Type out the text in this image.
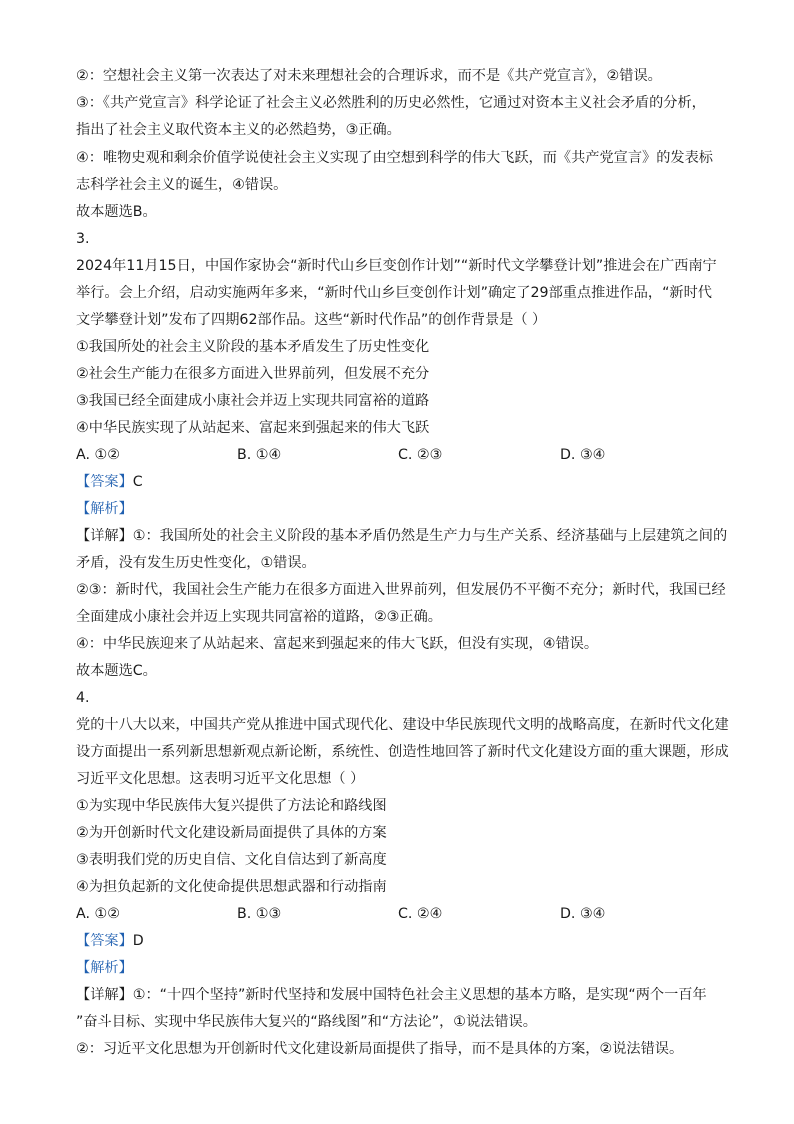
②：空想社会主义第一次表达了对未来理想社会的合理诉求，而不是《共产党宣言》，②错误。
③：《共产党宣言》科学论证了社会主义必然胜利的历史必然性，它通过对资本主义社会矛盾的分析，
指出了社会主义取代资本主义的必然趋势，③正确。
④：唯物史观和剩余价值学说使社会主义实现了由空想到科学的伟大飞跃，而《共产党宣言》的发表标
志科学社会主义的诞生，④错误。
故本题选B。
3.
2024年11月15日，中国作家协会“新时代山乡巨变创作计划”“新时代文学攀登计划”推进会在广西南宁
举行。会上介绍，启动实施两年多来，“新时代山乡巨变创作计划”确定了29部重点推进作品，“新时代
文学攀登计划”发布了四期62部作品。这些“新时代作品”的创作背景是（ ）
①我国所处的社会主义阶段的基本矛盾发生了历史性变化
②社会生产能力在很多方面进入世界前列，但发展不充分
③我国已经全面建成小康社会并迈上实现共同富裕的道路
④中华民族实现了从站起来、富起来到强起来的伟大飞跃
A. ①②	B. ①④	C. ②③	D. ③④
【答案】C
【解析】
【详解】①：我国所处的社会主义阶段的基本矛盾仍然是生产力与生产关系、经济基础与上层建筑之间的
矛盾，没有发生历史性变化，①错误。
②③：新时代，我国社会生产能力在很多方面进入世界前列，但发展仍不平衡不充分；新时代，我国已经
全面建成小康社会并迈上实现共同富裕的道路，②③正确。
④：中华民族迎来了从站起来、富起来到强起来的伟大飞跃，但没有实现，④错误。
故本题选C。
4.
党的十八大以来，中国共产党从推进中国式现代化、建设中华民族现代文明的战略高度，在新时代文化建
设方面提出一系列新思想新观点新论断，系统性、创造性地回答了新时代文化建设方面的重大课题，形成
习近平文化思想。这表明习近平文化思想（ ）
①为实现中华民族伟大复兴提供了方法论和路线图
②为开创新时代文化建设新局面提供了具体的方案
③表明我们党的历史自信、文化自信达到了新高度
④为担负起新的文化使命提供思想武器和行动指南
A. ①②	B. ①③	C. ②④	D. ③④
【答案】D
【解析】
【详解】①：“十四个坚持”新时代坚持和发展中国特色社会主义思想的基本方略，是实现“两个一百年
”奋斗目标、实现中华民族伟大复兴的“路线图”和“方法论”，①说法错误。
②：习近平文化思想为开创新时代文化建设新局面提供了指导，而不是具体的方案，②说法错误。
